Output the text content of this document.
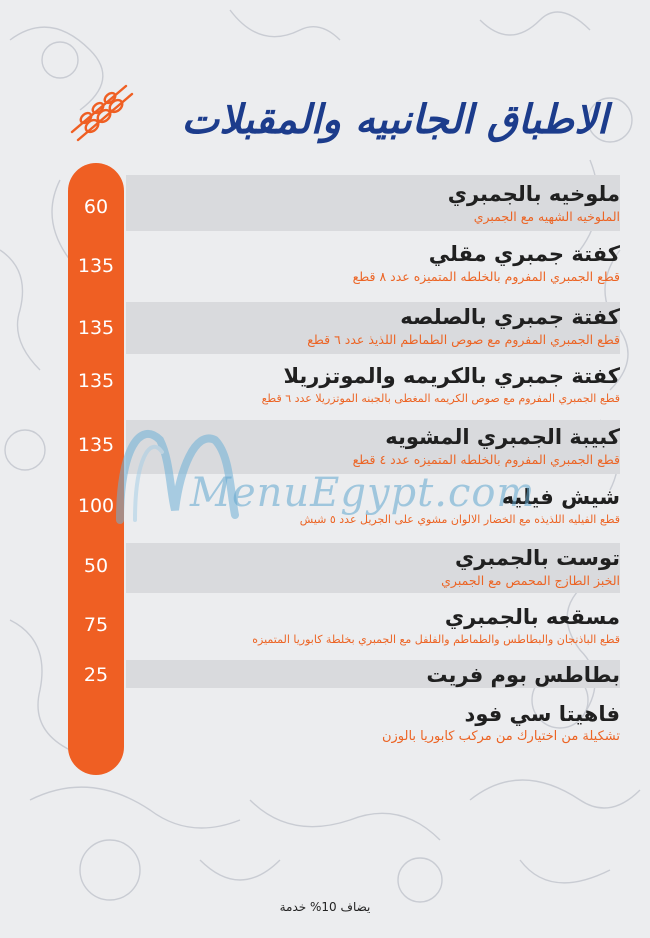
الاطباق الجانبيه والمقبلات
60
135
135
135
135
100
50
75
25
ملوخيه بالجمبري
الملوخيه الشهيه مع الجمبري
كفتة جمبري مقلي
قطع الجمبري المفروم بالخلطه المتميزه عدد ٨ قطع
كفتة جمبري بالصلصه
قطع الجمبري المفروم مع صوص الطماطم اللذيذ عدد ٦ قطع
كفتة جمبري بالكريمه والموتزريلا
قطع الجمبري المفروم مع صوص الكريمه المغطى بالجبنه الموتزريلا عدد ٦ قطع
كبيبة الجمبري المشويه
قطع الجمبري المفروم بالخلطه المتميزه عدد ٤ قطع
شيش فيليه
قطع الفيليه اللذيذه مع الخضار الالوان مشوي على الجريل عدد ٥ شيش
توست بالجمبري
الخبز الطازج المحمص مع الجمبري
مسقعه بالجمبري
قطع الباذنجان والبطاطس والطماطم والفلفل مع الجمبري بخلطة كابوريا المتميزه
بطاطس بوم فريت
فاهيتا سي فود
تشكيلة من اختيارك من مركب كابوريا بالوزن
MenuEgypt.com
يضاف 10% خدمة
